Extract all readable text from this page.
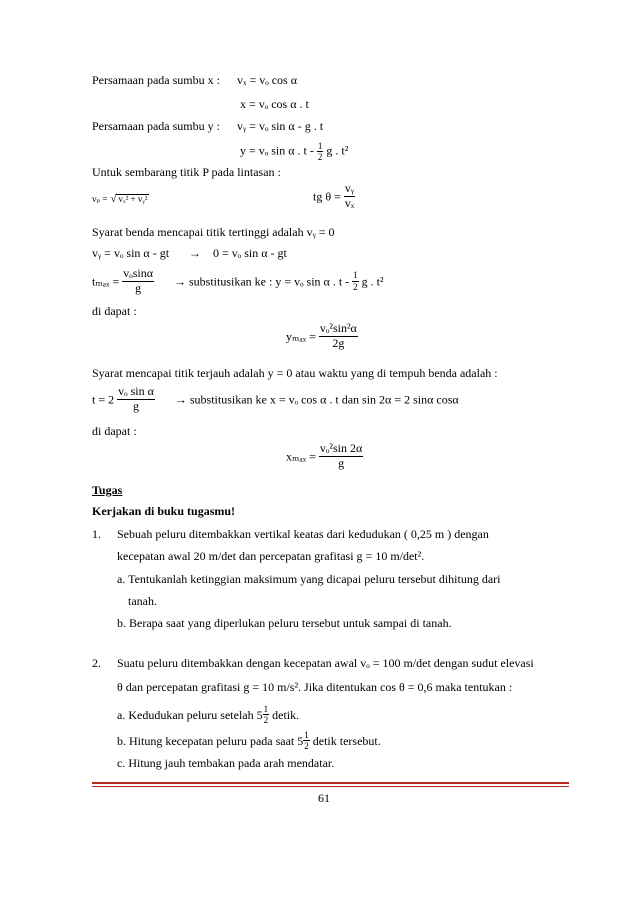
Persamaan pada sumbu x : vₓ = vₒ cos α
x = vₒ cos α . t
Persamaan pada sumbu y : vᵧ = vₒ sin α - g . t
y = vₒ sin α . t - $\frac{1}{2}$ g . t²
Untuk sembarang titik P pada lintasan :
vₚ = √ vₓ² + vᵧ²	tg $\theta = \frac{\text{vᵧ}}{\text{vₓ}}$
Syarat benda mencapai titik tertinggi adalah vᵧ = 0
vᵧ = vₒ sin α - gt → 0 = vₒ sin α - gt
$t_{max} = \frac{\text{vₒsinα}}{g}$ → substitusikan ke : y = vₒ sin α . t - $\frac{1}{2}$ g . t²
di dapat :
$y_{max} = \frac{\text{vₒ²sin²α}}{2g}$
Syarat mencapai titik terjauh adalah y = 0 atau waktu yang di tempuh benda adalah :
$t = 2 \frac{\text{vₒ sin α}}{g}$ → substitusikan ke x = vₒ cos α . t dan sin 2α = 2 sinα cosα
di dapat :
$x_{max} = \frac{\text{vₒ²sin 2α}}{g}$
Tugas
Kerjakan di buku tugasmu!
1. Sebuah peluru ditembakkan vertikal keatas dari kedudukan ( 0,25 m ) dengan
kecepatan awal 20 m/det dan percepatan grafitasi g = 10 m/det².
a. Tentukanlah ketinggian maksimum yang dicapai peluru tersebut dihitung dari
tanah.
b. Berapa saat yang diperlukan peluru tersebut untuk sampai di tanah.
2. Suatu peluru ditembakkan dengan kecepatan awal vₒ = 100 m/det dengan sudut elevasi
θ dan percepatan grafitasi g = 10 m/s². Jika ditentukan cos θ = 0,6 maka tentukan :
a. Kedudukan peluru setelah $5 \frac{1}{2}$ detik.
b. Hitung kecepatan peluru pada saat $5 \frac{1}{2}$ detik tersebut.
c. Hitung jauh tembakan pada arah mendatar.
61
